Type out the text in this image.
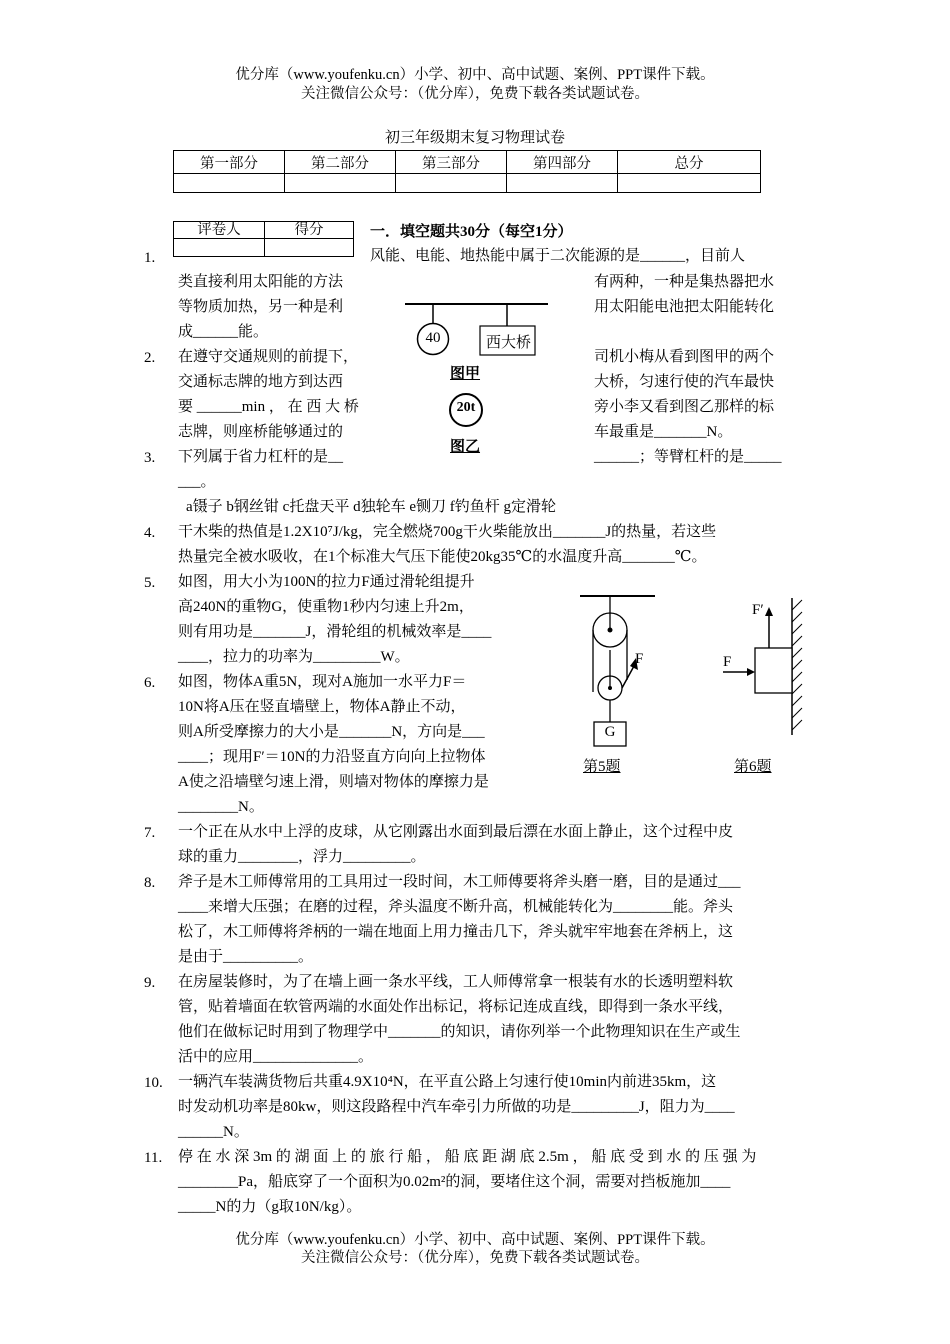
优分库（www.youfenku.cn）小学、初中、高中试题、案例、PPT课件下载。
关注微信公众号：（优分库），免费下载各类试题试卷。
初三年级期末复习物理试卷
第一部分	第二部分	第三部分	第四部分	总分

评卷人	得分
		一．填空题共30分（每空1分）
1.	风能、电能、地热能中属于二次能源的是______，目前人
类直接利用太阳能的方法	有两种，一种是集热器把水
等物质加热，另一种是利	用太阳能电池把太阳能转化
成______能。	40	西大桥
图甲
20t
图乙
2. 在遵守交通规则的前提下，	司机小梅从看到图甲的两个
交通标志牌的地方到达西	大桥，匀速行使的汽车最快
要 ______min ， 在 西 大 桥	旁小李又看到图乙那样的标
志牌，则座桥能够通过的	车最重是_______N。
3. 下列属于省力杠杆的是__	______；等臂杠杆的是_____
___。
a镊子 b钢丝钳 c托盘天平 d独轮车 e铡刀 f钓鱼杆 g定滑轮
4. 干木柴的热值是1.2X10⁷J/kg，完全燃烧700g干火柴能放出_______J的热量，若这些
热量完全被水吸收，在1个标准大气压下能使20kg35℃的水温度升高_______℃。
5. 如图，用大小为100N的拉力F通过滑轮组提升
高240N的重物G，使重物1秒内匀速上升2m，
则有用功是_______J，滑轮组的机械效率是____
____，拉力的功率为_________W。
6. 如图，物体A重5N，现对A施加一水平力F＝
10N将A压在竖直墙壁上，物体A静止不动，
则A所受摩擦力的大小是_______N，方向是___
____；现用F′＝10N的力沿竖直方向向上拉物体
A使之沿墙壁匀速上滑，则墙对物体的摩擦力是
________N。
F
G
第5题
F
F′
第6题
7. 一个正在从水中上浮的皮球，从它刚露出水面到最后漂在水面上静止，这个过程中皮
球的重力________，浮力_________。
8. 斧子是木工师傅常用的工具用过一段时间，木工师傅要将斧头磨一磨，目的是通过___
____来增大压强；在磨的过程，斧头温度不断升高，机械能转化为________能。斧头
松了，木工师傅将斧柄的一端在地面上用力撞击几下，斧头就牢牢地套在斧柄上，这
是由于__________。
9. 在房屋装修时，为了在墙上画一条水平线，工人师傅常拿一根装有水的长透明塑料软
管，贴着墙面在软管两端的水面处作出标记，将标记连成直线，即得到一条水平线，
他们在做标记时用到了物理学中_______的知识，请你列举一个此物理知识在生产或生
活中的应用______________。
10. 一辆汽车装满货物后共重4.9X10⁴N，在平直公路上匀速行使10min内前进35km，这
时发动机功率是80kw，则这段路程中汽车牵引力所做的功是_________J，阻力为____
______N。
11. 停 在 水 深 3m 的 湖 面 上 的 旅 行 船 ， 船 底 距 湖 底 2.5m ， 船 底 受 到 水 的 压 强 为
________Pa，船底穿了一个面积为0.02m²的洞，要堵住这个洞，需要对挡板施加____
_____N的力（g取10N/kg）。
优分库（www.youfenku.cn）小学、初中、高中试题、案例、PPT课件下载。
关注微信公众号：（优分库），免费下载各类试题试卷。
